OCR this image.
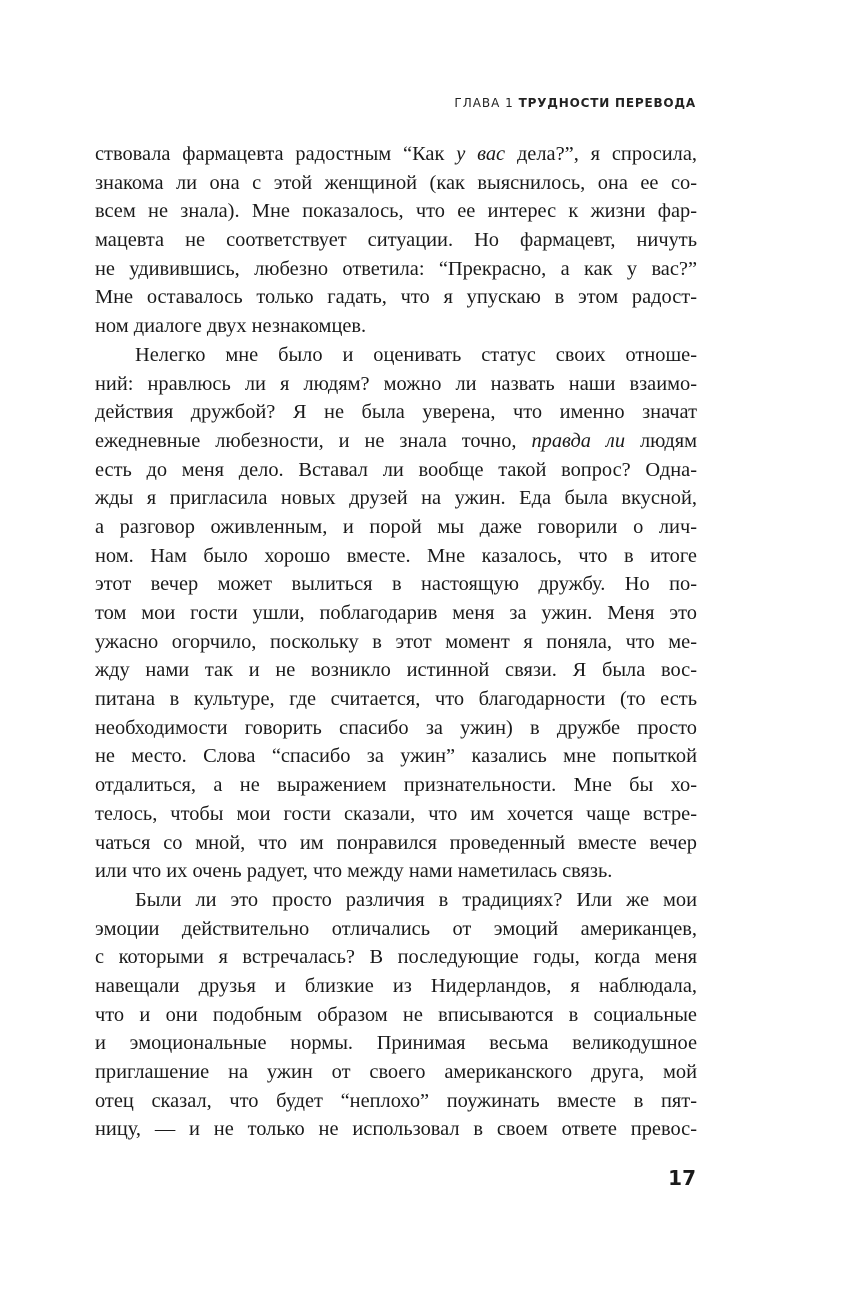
ГЛАВА 1 ТРУДНОСТИ ПЕРЕВОДА
ствовала фармацевта радостным “Как у вас дела?”, я спросила,
знакома ли она с этой женщиной (как выяснилось, она ее со-
всем не знала). Мне показалось, что ее интерес к жизни фар-
мацевта не соответствует ситуации. Но фармацевт, ничуть
не удивившись, любезно ответила: “Прекрасно, а как у вас?”
Мне оставалось только гадать, что я упускаю в этом радост-
ном диалоге двух незнакомцев.
Нелегко мне было и оценивать статус своих отноше-
ний: нравлюсь ли я людям? можно ли назвать наши взаимо-
действия дружбой? Я не была уверена, что именно значат
ежедневные любезности, и не знала точно, правда ли людям
есть до меня дело. Вставал ли вообще такой вопрос? Одна-
жды я пригласила новых друзей на ужин. Еда была вкусной,
а разговор оживленным, и порой мы даже говорили о лич-
ном. Нам было хорошо вместе. Мне казалось, что в итоге
этот вечер может вылиться в настоящую дружбу. Но по-
том мои гости ушли, поблагодарив меня за ужин. Меня это
ужасно огорчило, поскольку в этот момент я поняла, что ме-
жду нами так и не возникло истинной связи. Я была вос-
питана в культуре, где считается, что благодарности (то есть
необходимости говорить спасибо за ужин) в дружбе просто
не место. Слова “спасибо за ужин” казались мне попыткой
отдалиться, а не выражением признательности. Мне бы хо-
телось, чтобы мои гости сказали, что им хочется чаще встре-
чаться со мной, что им понравился проведенный вместе вечер
или что их очень радует, что между нами наметилась связь.
Были ли это просто различия в традициях? Или же мои
эмоции действительно отличались от эмоций американцев,
с которыми я встречалась? В последующие годы, когда меня
навещали друзья и близкие из Нидерландов, я наблюдала,
что и они подобным образом не вписываются в социальные
и эмоциональные нормы. Принимая весьма великодушное
приглашение на ужин от своего американского друга, мой
отец сказал, что будет “неплохо” поужинать вместе в пят-
ницу, — и не только не использовал в своем ответе превос-
17
